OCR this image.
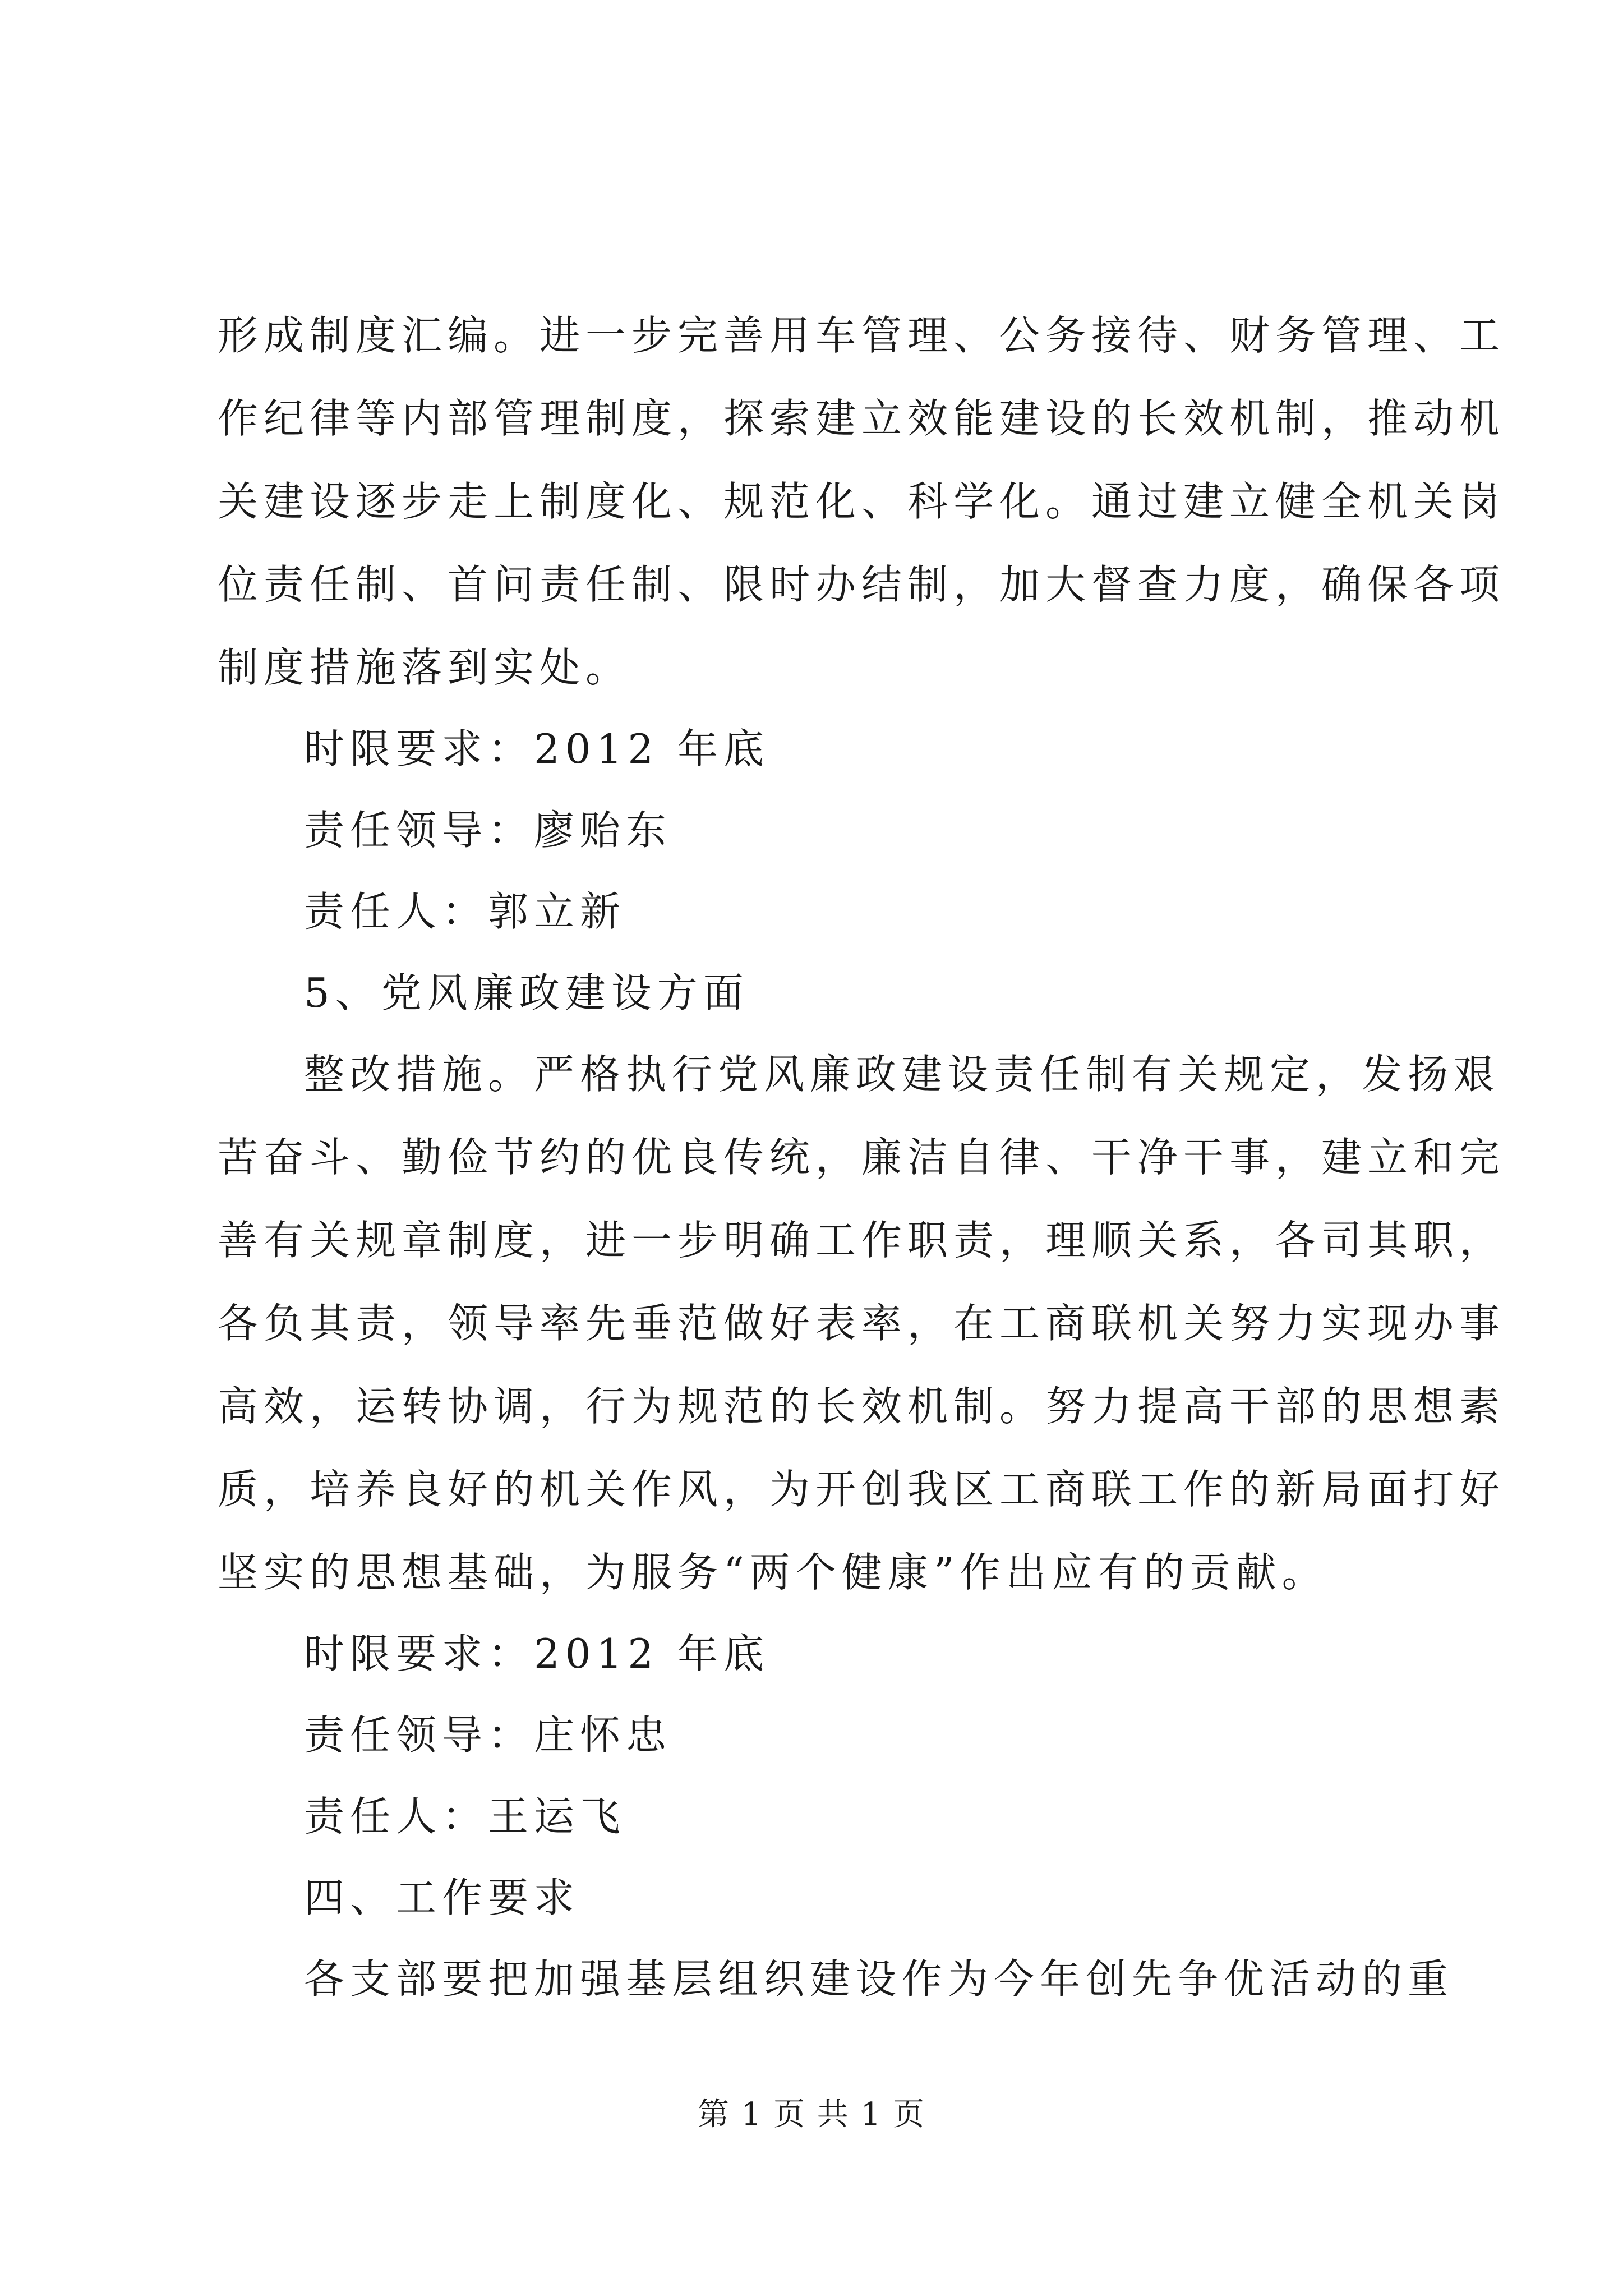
形成制度汇编。进一步完善用车管理、公务接待、财务管理、工
作纪律等内部管理制度，探索建立效能建设的长效机制，推动机
关建设逐步走上制度化、规范化、科学化。通过建立健全机关岗
位责任制、首问责任制、限时办结制，加大督查力度，确保各项
制度措施落到实处。
时限要求：2012 年底
责任领导：廖贻东
责任人：郭立新
5、党风廉政建设方面
整改措施。严格执行党风廉政建设责任制有关规定，发扬艰
苦奋斗、勤俭节约的优良传统，廉洁自律、干净干事，建立和完
善有关规章制度，进一步明确工作职责，理顺关系，各司其职，
各负其责，领导率先垂范做好表率，在工商联机关努力实现办事
高效，运转协调，行为规范的长效机制。努力提高干部的思想素
质，培养良好的机关作风，为开创我区工商联工作的新局面打好
坚实的思想基础，为服务“两个健康”作出应有的贡献。
时限要求：2012 年底
责任领导：庄怀忠
责任人：王运飞
四、工作要求
各支部要把加强基层组织建设作为今年创先争优活动的重
第 1 页 共 1 页
